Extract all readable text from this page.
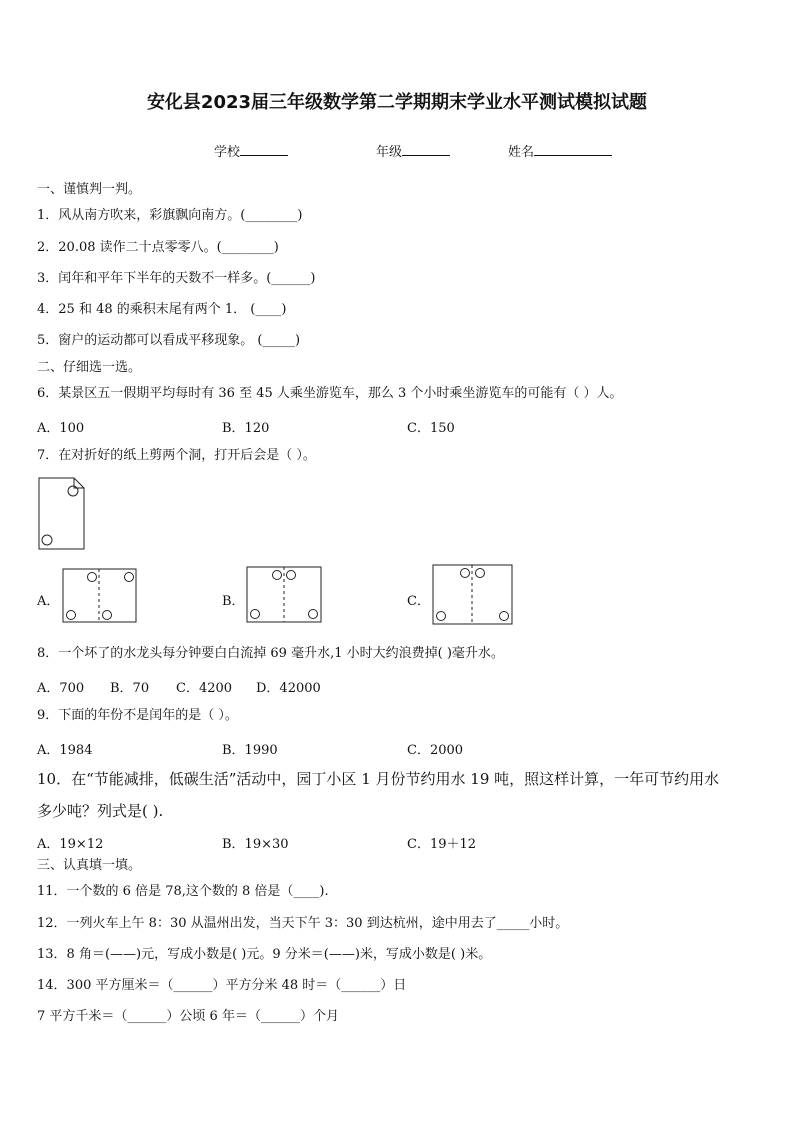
安化县2023届三年级数学第二学期期末学业水平测试模拟试题
学校	年级	姓名
一、谨慎判一判。
1．风从南方吹来，彩旗飘向南方。(________)
2．20.08 读作二十点零零八。(________)
3．闰年和平年下半年的天数不一样多。(______)
4．25 和 48 的乘积末尾有两个 1． (____)
5．窗户的运动都可以看成平移现象。 (_____)
二、仔细选一选。
6．某景区五一假期平均每时有 36 至 45 人乘坐游览车，那么 3 个小时乘坐游览车的可能有（ ）人。
A．100	B．120	C．150
7．在对折好的纸上剪两个洞，打开后会是（ ）。
A．	B．	C．
8．一个坏了的水龙头每分钟要白白流掉 69 毫升水,1 小时大约浪费掉( )毫升水。
A．700 B．70 C．4200 D．42000
9．下面的年份不是闰年的是（ ）。
A．1984	B．1990	C．2000
10．在“节能减排，低碳生活”活动中，园丁小区 1 月份节约用水 19 吨，照这样计算，一年可节约用水
多少吨？列式是( ).
A．19×12	B．19×30	C．19＋12
三、认真填一填。
11．一个数的 6 倍是 78,这个数的 8 倍是（____).
12．一列火车上午 8：30 从温州出发，当天下午 3：30 到达杭州，途中用去了_____小时。
13．8 角＝(——)元，写成小数是( )元。9 分米＝(——)米，写成小数是( )米。
14．300 平方厘米＝（______）平方分米 48 时＝（______）日
7 平方千米＝（______）公顷 6 年＝（______）个月
